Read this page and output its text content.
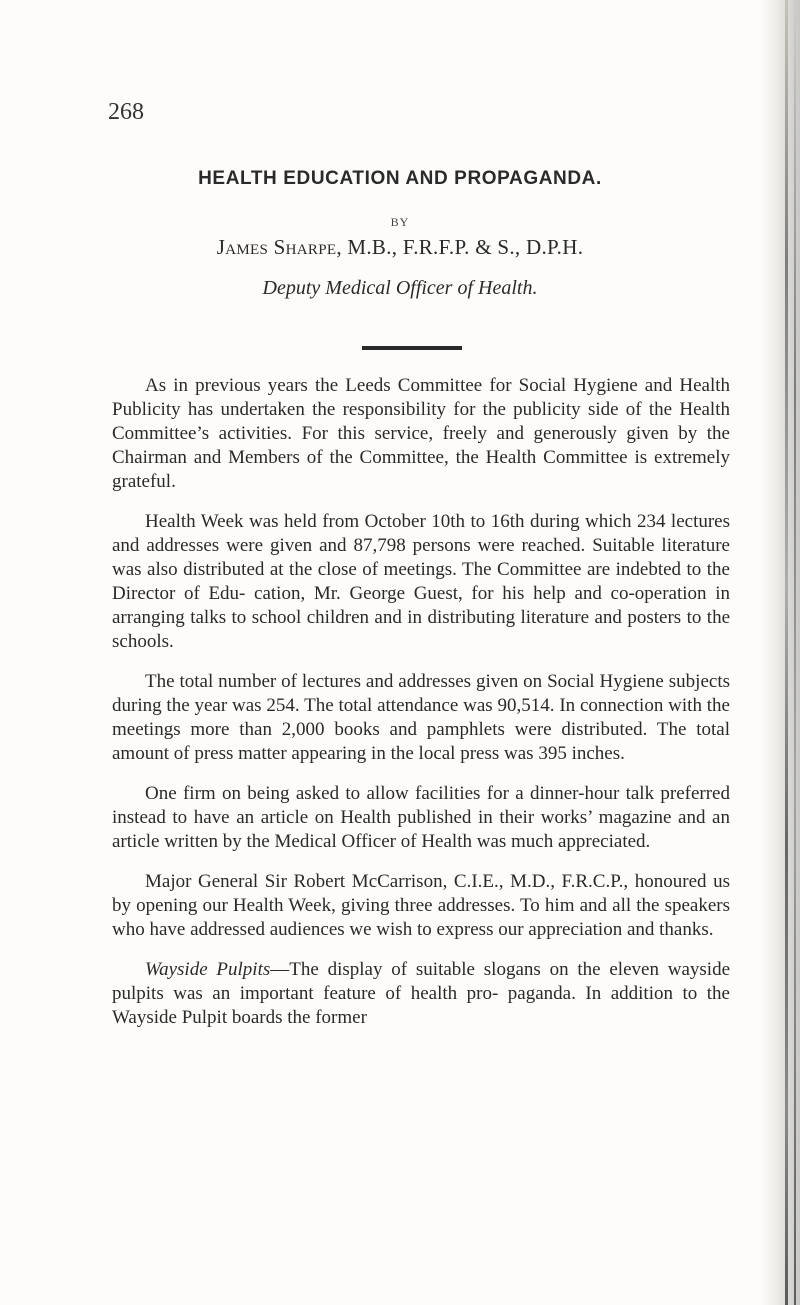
268
HEALTH EDUCATION AND PROPAGANDA.
BY
James Sharpe, M.B., F.R.F.P. & S., D.P.H.
Deputy Medical Officer of Health.

As in previous years the Leeds Committee for Social Hygiene and Health Publicity has undertaken the responsibility for the publicity side of the Health Committee’s activities. For this service, freely and generously given by the Chairman and Members of the Committee, the Health Committee is extremely grateful.

Health Week was held from October 10th to 16th during which 234 lectures and addresses were given and 87,798 persons were reached. Suitable literature was also distributed at the close of meetings. The Committee are indebted to the Director of Edu- cation, Mr. George Guest, for his help and co-operation in arranging talks to school children and in distributing literature and posters to the schools.

The total number of lectures and addresses given on Social Hygiene subjects during the year was 254. The total attendance was 90,514. In connection with the meetings more than 2,000 books and pamphlets were distributed. The total amount of press matter appearing in the local press was 395 inches.

One firm on being asked to allow facilities for a dinner-hour talk preferred instead to have an article on Health published in their works’ magazine and an article written by the Medical Officer of Health was much appreciated.

Major General Sir Robert McCarrison, C.I.E., M.D., F.R.C.P., honoured us by opening our Health Week, giving three addresses. To him and all the speakers who have addressed audiences we wish to express our appreciation and thanks.

Wayside Pulpits—The display of suitable slogans on the eleven wayside pulpits was an important feature of health pro- paganda. In addition to the Wayside Pulpit boards the former
